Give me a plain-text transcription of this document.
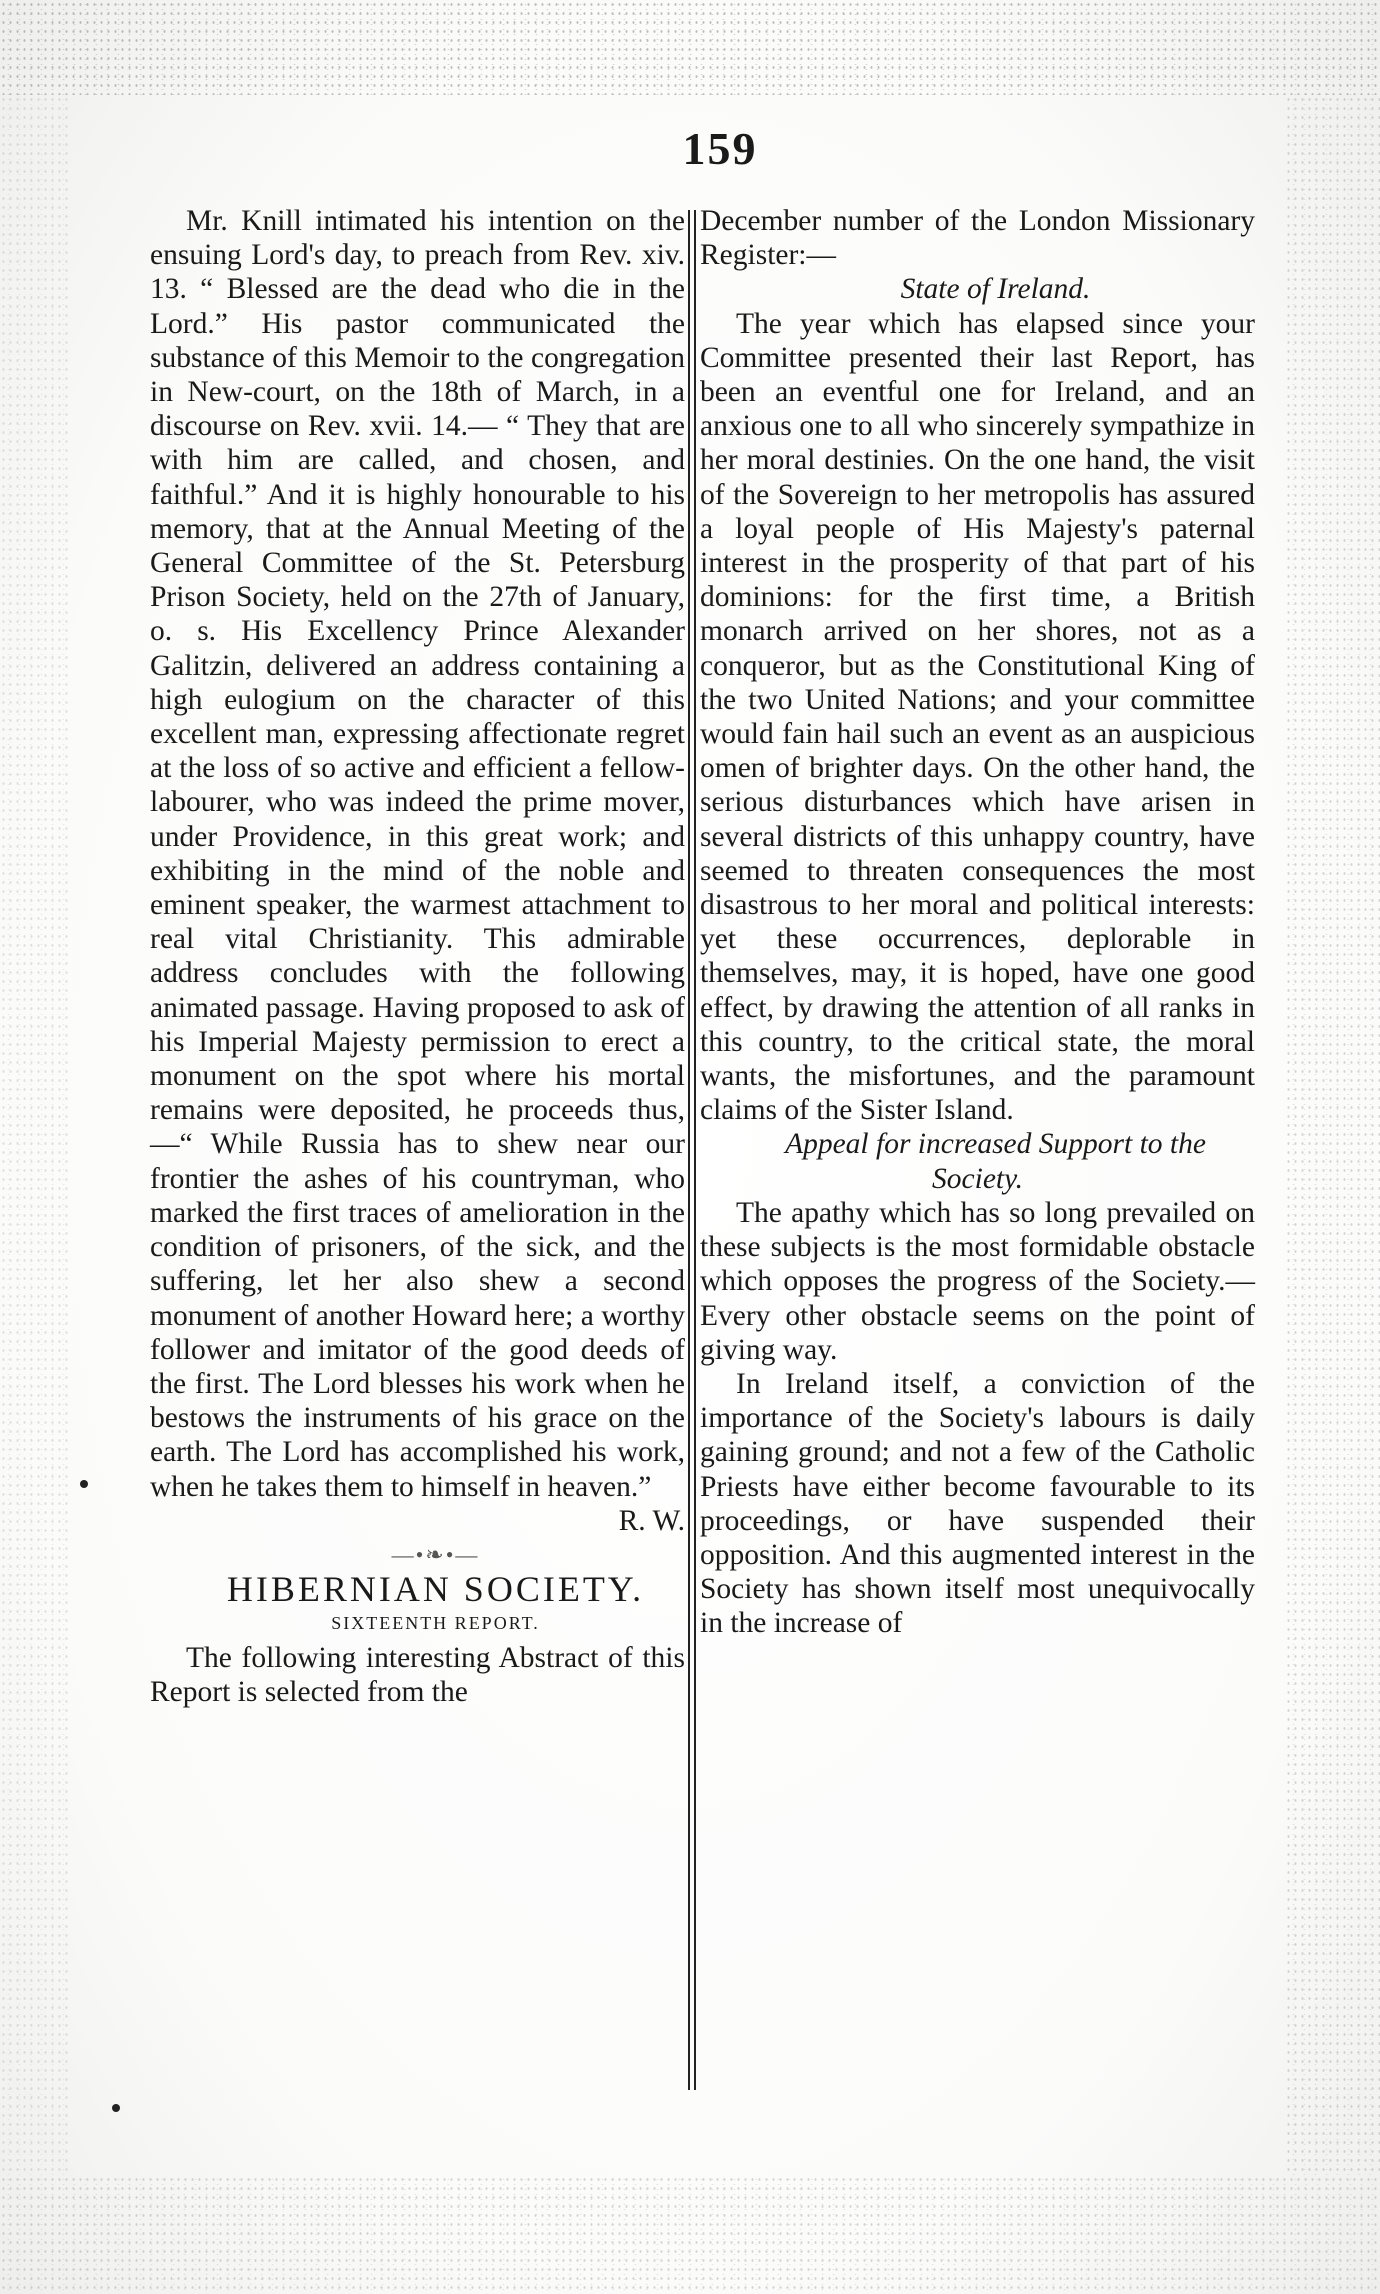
159

Mr. Knill intimated his intention on the ensuing Lord's day, to preach from Rev. xiv. 13. “ Blessed are the dead who die in the Lord.” His pastor communicated the substance of this Memoir to the congregation in New-court, on the 18th of March, in a discourse on Rev. xvii. 14.— “ They that are with him are called, and chosen, and faithful.” And it is highly honourable to his memory, that at the Annual Meeting of the General Committee of the St. Petersburg Prison Society, held on the 27th of January, o. s. His Excellency Prince Alexander Galitzin, delivered an address containing a high eulogium on the character of this excellent man, expressing affectionate regret at the loss of so active and efficient a fellow-labourer, who was indeed the prime mover, under Providence, in this great work; and exhibiting in the mind of the noble and eminent speaker, the warmest attachment to real vital Christianity. This admirable address concludes with the following animated passage. Having proposed to ask of his Imperial Majesty permission to erect a monument on the spot where his mortal remains were deposited, he proceeds thus,—“ While Russia has to shew near our frontier the ashes of his countryman, who marked the first traces of amelioration in the condition of prisoners, of the sick, and the suffering, let her also shew a second monument of another Howard here; a worthy follower and imitator of the good deeds of the first. The Lord blesses his work when he bestows the instruments of his grace on the earth. The Lord has accomplished his work, when he takes them to himself in heaven.”

R. W.

—•❧•—

HIBERNIAN SOCIETY.

SIXTEENTH REPORT.

The following interesting Abstract of this Report is selected from the

December number of the London Missionary Register:—

State of Ireland.

The year which has elapsed since your Committee presented their last Report, has been an eventful one for Ireland, and an anxious one to all who sincerely sympathize in her moral destinies. On the one hand, the visit of the Sovereign to her metropolis has assured a loyal people of His Majesty's paternal interest in the prosperity of that part of his dominions: for the first time, a British monarch arrived on her shores, not as a conqueror, but as the Constitutional King of the two United Nations; and your committee would fain hail such an event as an auspicious omen of brighter days. On the other hand, the serious disturbances which have arisen in several districts of this unhappy country, have seemed to threaten consequences the most disastrous to her moral and political interests: yet these occurrences, deplorable in themselves, may, it is hoped, have one good effect, by drawing the attention of all ranks in this country, to the critical state, the moral wants, the misfortunes, and the paramount claims of the Sister Island.

Appeal for increased Support to the Society.

The apathy which has so long prevailed on these subjects is the most formidable obstacle which opposes the progress of the Society.— Every other obstacle seems on the point of giving way.

In Ireland itself, a conviction of the importance of the Society's labours is daily gaining ground; and not a few of the Catholic Priests have either become favourable to its proceedings, or have suspended their opposition. And this augmented interest in the Society has shown itself most unequivocally in the increase of
